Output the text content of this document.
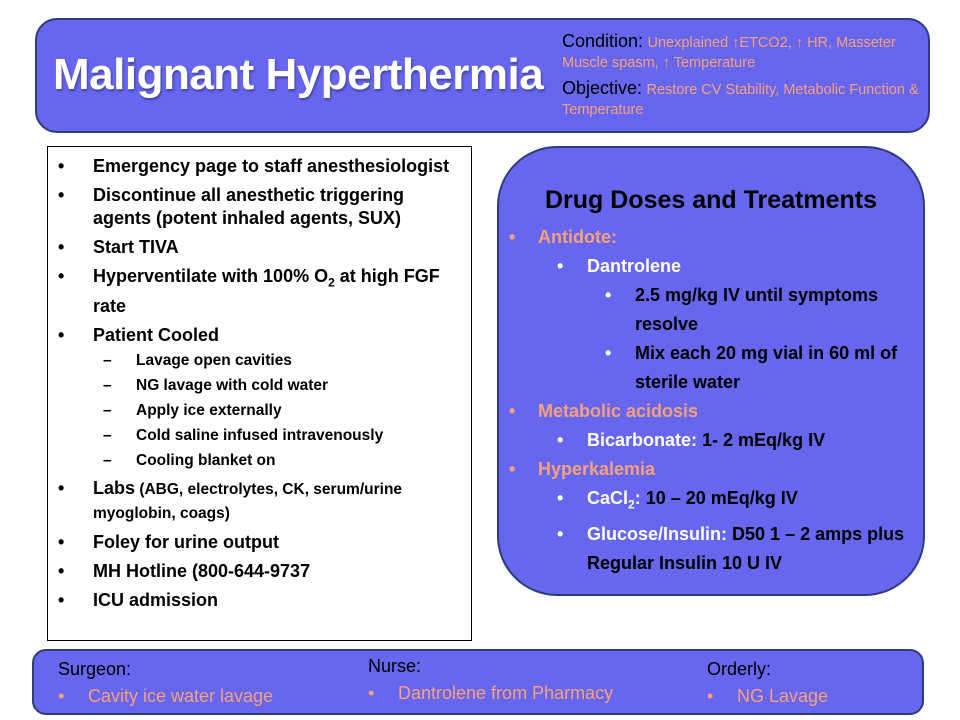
Malignant Hyperthermia
Condition: Unexplained ↑ETCO2, ↑ HR, Masseter Muscle spasm, ↑ Temperature
Objective: Restore CV Stability, Metabolic Function & Temperature
• Emergency page to staff anesthesiologist
• Discontinue all anesthetic triggering agents (potent inhaled agents, SUX)
• Start TIVA
• Hyperventilate with 100% $O_2$ at high FGF rate
• Patient Cooled
– Lavage open cavities
– NG lavage with cold water
– Apply ice externally
– Cold saline infused intravenously
– Cooling blanket on
• Labs (ABG, electrolytes, CK, serum/urine myoglobin, coags)
• Foley for urine output
• MH Hotline (800-644-9737
• ICU admission
Drug Doses and Treatments
• Antidote:
• Dantrolene
• 2.5 mg/kg IV until symptoms resolve
• Mix each 20 mg vial in 60 ml of sterile water
• Metabolic acidosis
• Bicarbonate: 1- 2 mEq/kg IV
• Hyperkalemia
• CaCl$_2$: 10 – 20 mEq/kg IV
• Glucose/Insulin: D50 1 – 2 amps plus Regular Insulin 10 U IV
Surgeon:
• Cavity ice water lavage
Nurse:
• Dantrolene from Pharmacy
Orderly:
• NG Lavage
